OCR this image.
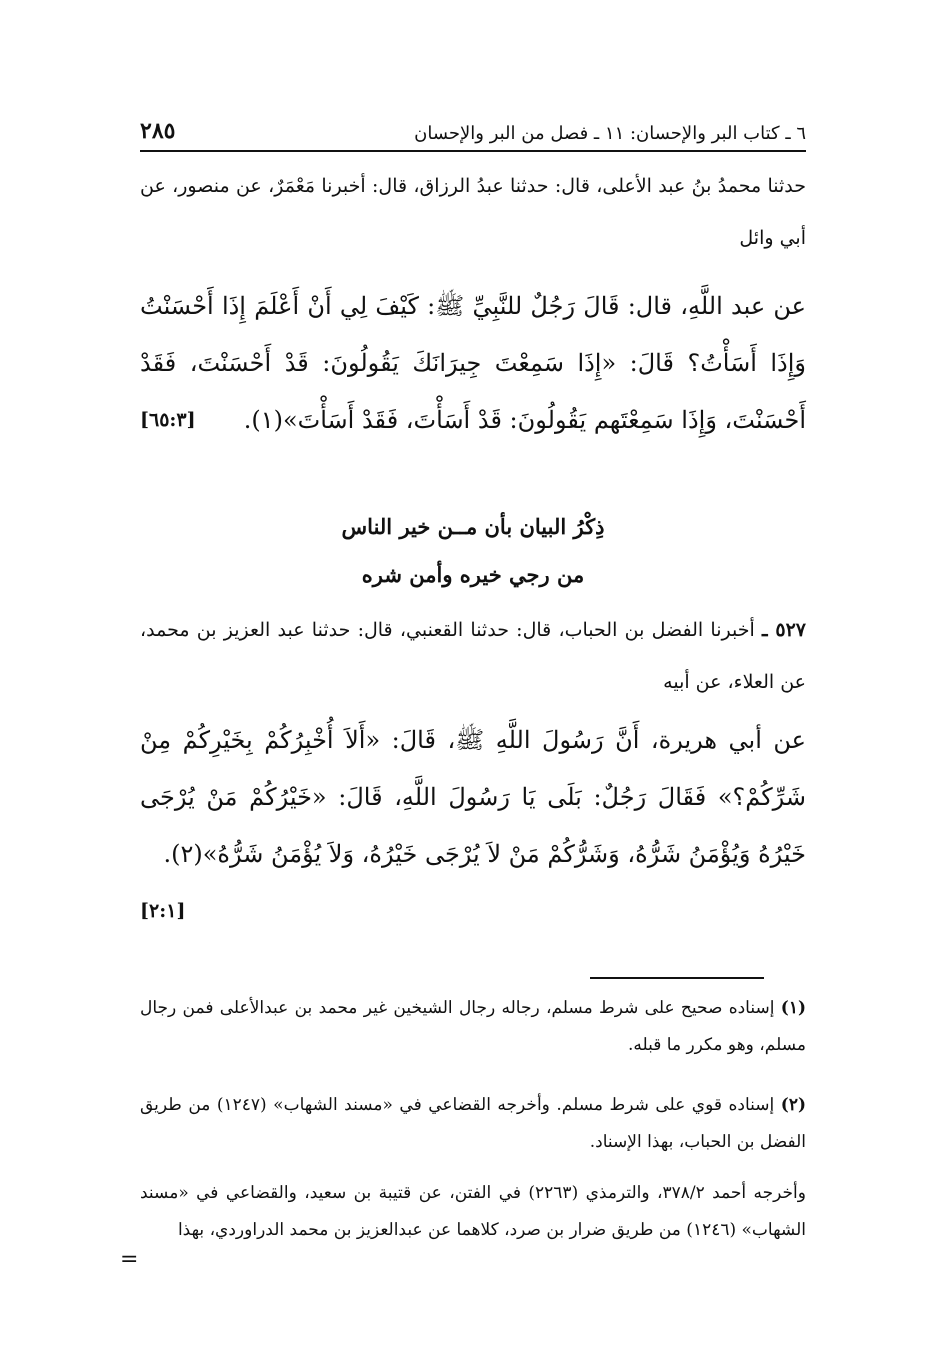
٦ ـ كتاب البر والإحسان: ١١ ـ فصل من البر والإحسان
٢٨٥
حدثنا محمدُ بنُ عبد الأعلى، قال: حدثنا عبدُ الرزاق، قال: أخبرنا مَعْمَرٌ، عن منصور، عن أبي وائل
عن عبد اللَّهِ، قال: قَالَ رَجُلٌ للنَّبِيِّ ﷺ: كَيْفَ لِي أَنْ أَعْلَمَ إِذَا أَحْسَنْتُ وَإِذَا أَسَأْتُ؟ قَالَ: «إِذَا سَمِعْتَ جِيرَانَكَ يَقُولُونَ: قَدْ أَحْسَنْتَ، فَقَدْ أَحْسَنْتَ، وَإِذَا سَمِعْتَهم يَقُولُونَ: قَدْ أَسَأْتَ، فَقَدْ أَسَأْتَ»(١).
[٦٥:٣]
ذِكْرُ البيان بأن مــن خير الناس
من رجي خيره وأمن شره
٥٢٧ ـ أخبرنا الفضل بن الحباب، قال: حدثنا القعنبي، قال: حدثنا عبد العزيز بن محمد، عن العلاء، عن أبيه
عن أبي هريرة، أَنَّ رَسُولَ اللَّهِ ﷺ، قَالَ: «أَلاَ أُخْبِرُكُمْ بِخَيْرِكُمْ مِنْ شَرِّكُمْ؟» فَقَالَ رَجُلٌ: بَلَى يَا رَسُولَ اللَّهِ، قَالَ: «خَيْرُكُمْ مَنْ يُرْجَى خَيْرُهُ وَيُؤْمَنُ شَرُّهُ، وَشَرُّكُمْ مَنْ لاَ يُرْجَى خَيْرُهُ، وَلاَ يُؤْمَنُ شَرُّهُ»(٢).
[٢:١]
(١) إسناده صحيح على شرط مسلم، رجاله رجال الشيخين غير محمد بن عبدالأعلى فمن رجال مسلم، وهو مكرر ما قبله.
(٢) إسناده قوي على شرط مسلم. وأخرجه القضاعي في «مسند الشهاب» (١٢٤٧) من طريق الفضل بن الحباب، بهذا الإسناد.
وأخرجه أحمد ٣٧٨/٢، والترمذي (٢٢٦٣) في الفتن، عن قتيبة بن سعيد، والقضاعي في «مسند الشهاب» (١٢٤٦) من طريق ضرار بن صرد، كلاهما عن عبدالعزيز بن محمد الدراوردي، بهذا
=
